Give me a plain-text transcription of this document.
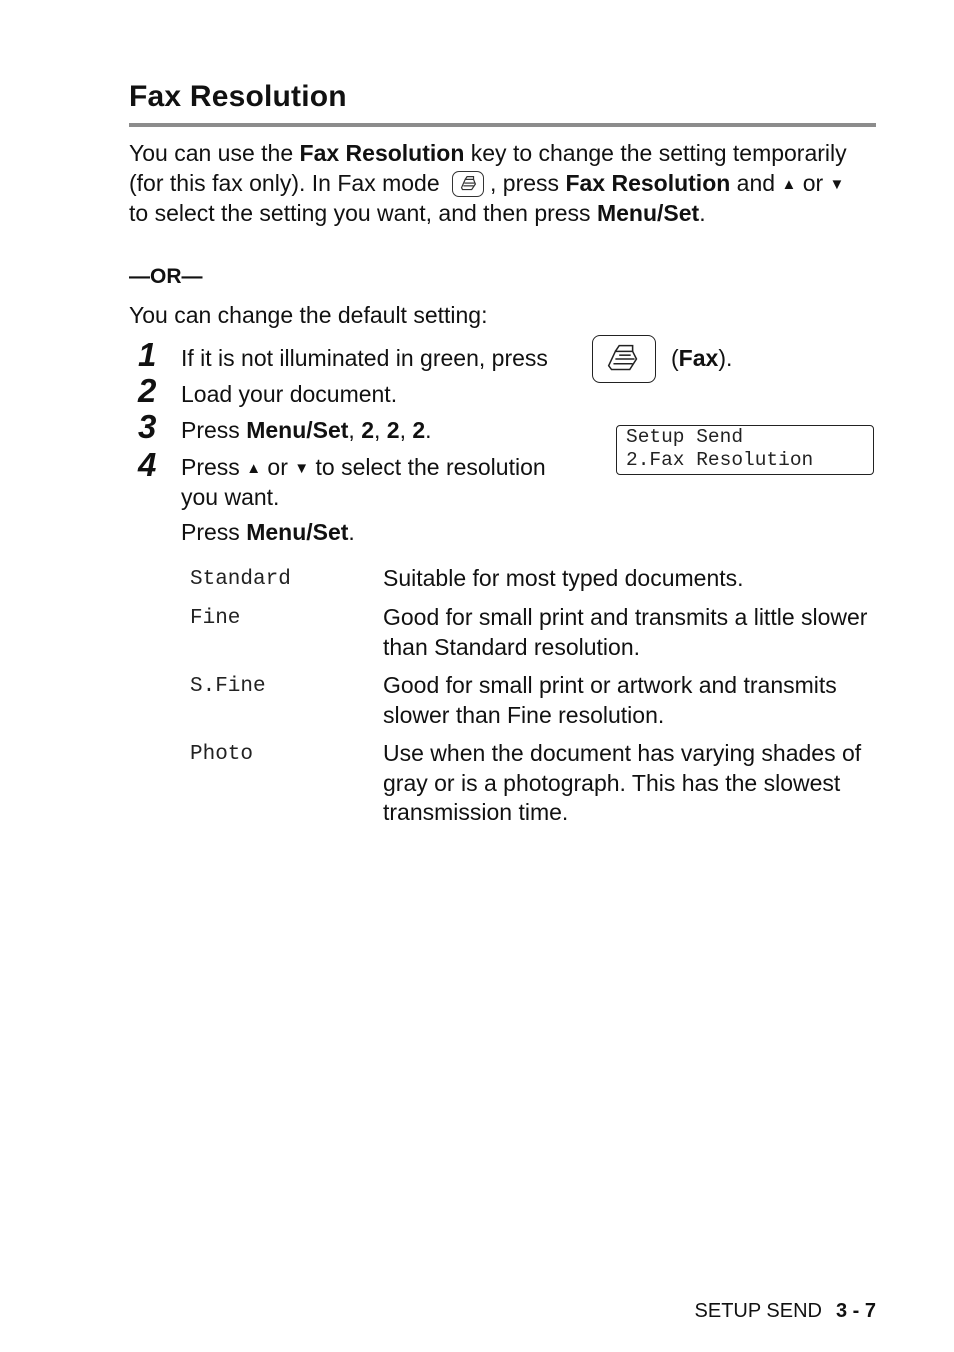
Fax Resolution

You can use the Fax Resolution key to change the setting temporarily (for this fax only). In Fax mode
, press Fax Resolution and ▲ or ▼ to select the setting you want, and then press Menu/Set.

—OR—

You can change the default setting:

1 If it is not illuminated in green, press	(Fax).
2 Load your document.
3 Press Menu/Set, 2, 2, 2.	Setup Send
2.Fax Resolution
4 Press ▲ or ▼ to select the resolution you want.
Press Menu/Set.
Standard	Suitable for most typed documents.
Fine	Good for small print and transmits a little slower than Standard resolution.
S.Fine	Good for small print or artwork and transmits slower than Fine resolution.
Photo	Use when the document has varying shades of gray or is a photograph. This has the slowest transmission time.
SETUP SEND 3 - 7
